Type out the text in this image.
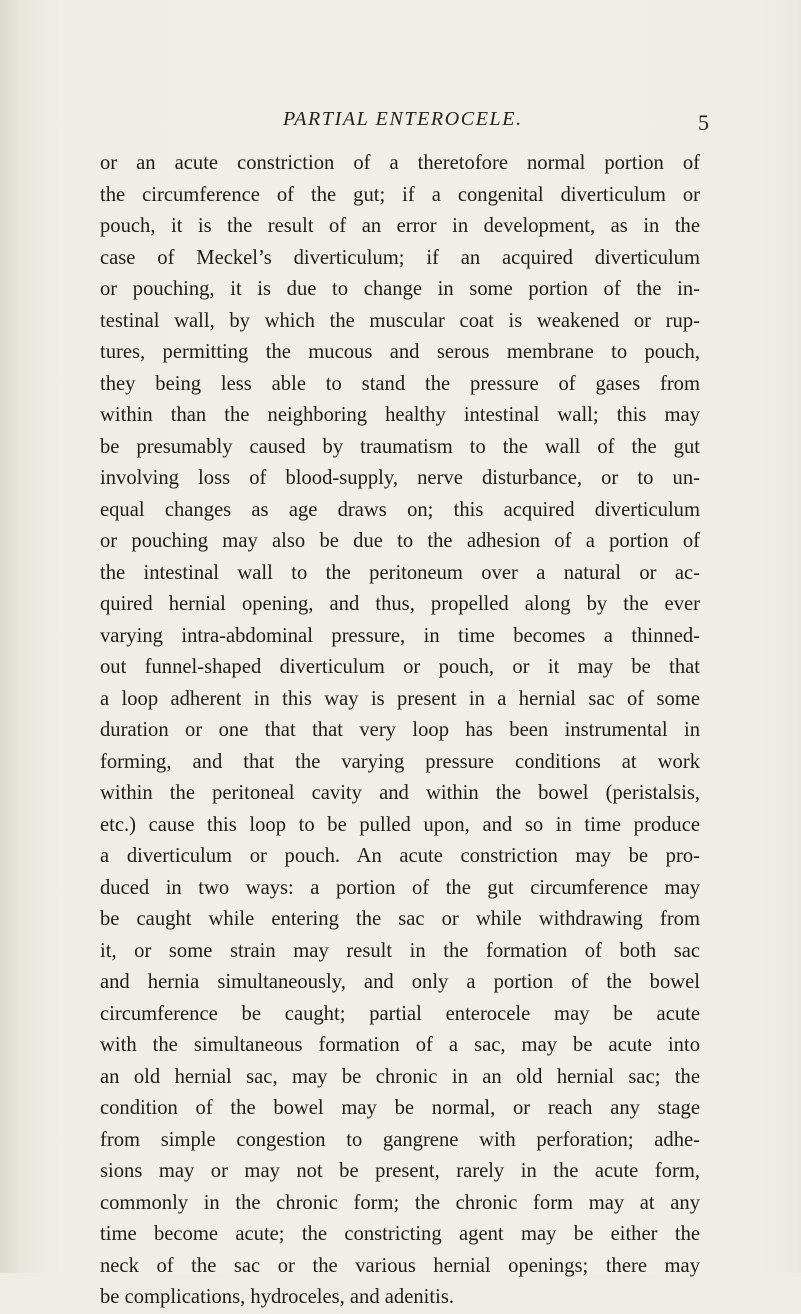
PARTIAL ENTEROCELE.	5
or an acute constriction of a theretofore normal portion of
the circumference of the gut; if a congenital diverticulum or
pouch, it is the result of an error in development, as in the
case of Meckel’s diverticulum; if an acquired diverticulum
or pouching, it is due to change in some portion of the in-
testinal wall, by which the muscular coat is weakened or rup-
tures, permitting the mucous and serous membrane to pouch,
they being less able to stand the pressure of gases from
within than the neighboring healthy intestinal wall; this may
be presumably caused by traumatism to the wall of the gut
involving loss of blood-supply, nerve disturbance, or to un-
equal changes as age draws on; this acquired diverticulum
or pouching may also be due to the adhesion of a portion of
the intestinal wall to the peritoneum over a natural or ac-
quired hernial opening, and thus, propelled along by the ever
varying intra-abdominal pressure, in time becomes a thinned-
out funnel-shaped diverticulum or pouch, or it may be that
a loop adherent in this way is present in a hernial sac of some
duration or one that that very loop has been instrumental in
forming, and that the varying pressure conditions at work
within the peritoneal cavity and within the bowel (peristalsis,
etc.) cause this loop to be pulled upon, and so in time produce
a diverticulum or pouch. An acute constriction may be pro-
duced in two ways: a portion of the gut circumference may
be caught while entering the sac or while withdrawing from
it, or some strain may result in the formation of both sac
and hernia simultaneously, and only a portion of the bowel
circumference be caught; partial enterocele may be acute
with the simultaneous formation of a sac, may be acute into
an old hernial sac, may be chronic in an old hernial sac; the
condition of the bowel may be normal, or reach any stage
from simple congestion to gangrene with perforation; adhe-
sions may or may not be present, rarely in the acute form,
commonly in the chronic form; the chronic form may at any
time become acute; the constricting agent may be either the
neck of the sac or the various hernial openings; there may
be complications, hydroceles, and adenitis.
